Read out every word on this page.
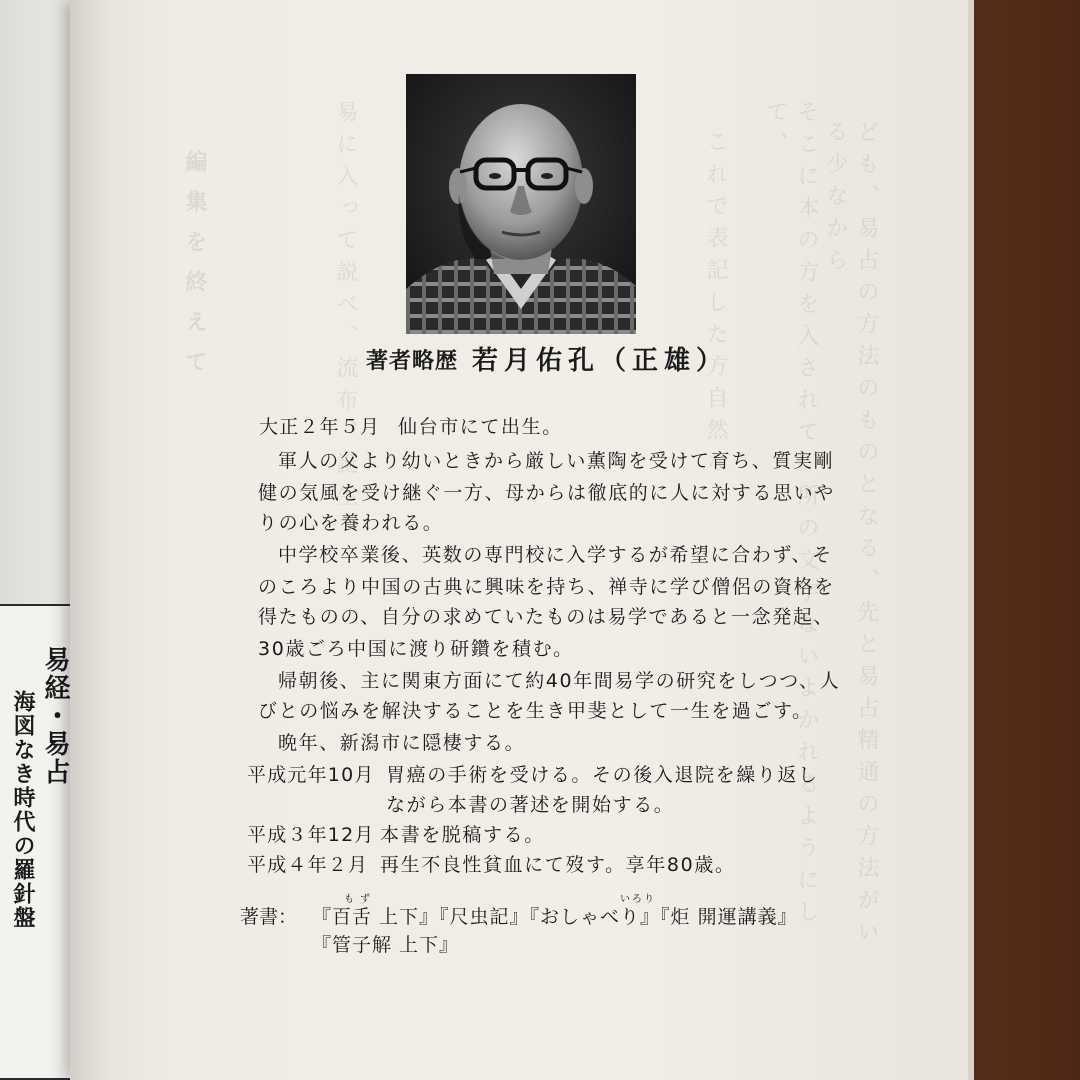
易経・易占
海図なき時代の羅針盤
編集を終えて	ども、易占の方法のものとなる、先と易占精通の方法がいる少なから
そこに本の方を入されて、所の文字ないよかれるようにして、
これで表記した方自然な
易に入って説べ、流布、誕生 著者略歴 若月佑孔（正雄）
大正２年５月 仙台市にて出生。
軍人の父より幼いときから厳しい薫陶を受けて育ち、質実剛
健の気風を受け継ぐ一方、母からは徹底的に人に対する思いや
りの心を養われる。
中学校卒業後、英数の専門校に入学するが希望に合わず、そ
のころより中国の古典に興味を持ち、禅寺に学び僧侶の資格を
得たものの、自分の求めていたものは易学であると一念発起、
30歳ごろ中国に渡り研鑽を積む。
帰朝後、主に関東方面にて約40年間易学の研究をしつつ、人
びとの悩みを解決することを生き甲斐として一生を過ごす。
晩年、新潟市に隠棲する。
平成元年10月 胃癌の手術を受ける。その後入退院を繰り返し
ながら本書の著述を開始する。
平成３年12月 本書を脱稿する。
平成４年２月 再生不良性貧血にて歿す。享年80歳。
もず	いろり
著書： 『百舌 上下』『尺虫記』『おしゃべり』『炬 開運講義』
『管子解 上下』
